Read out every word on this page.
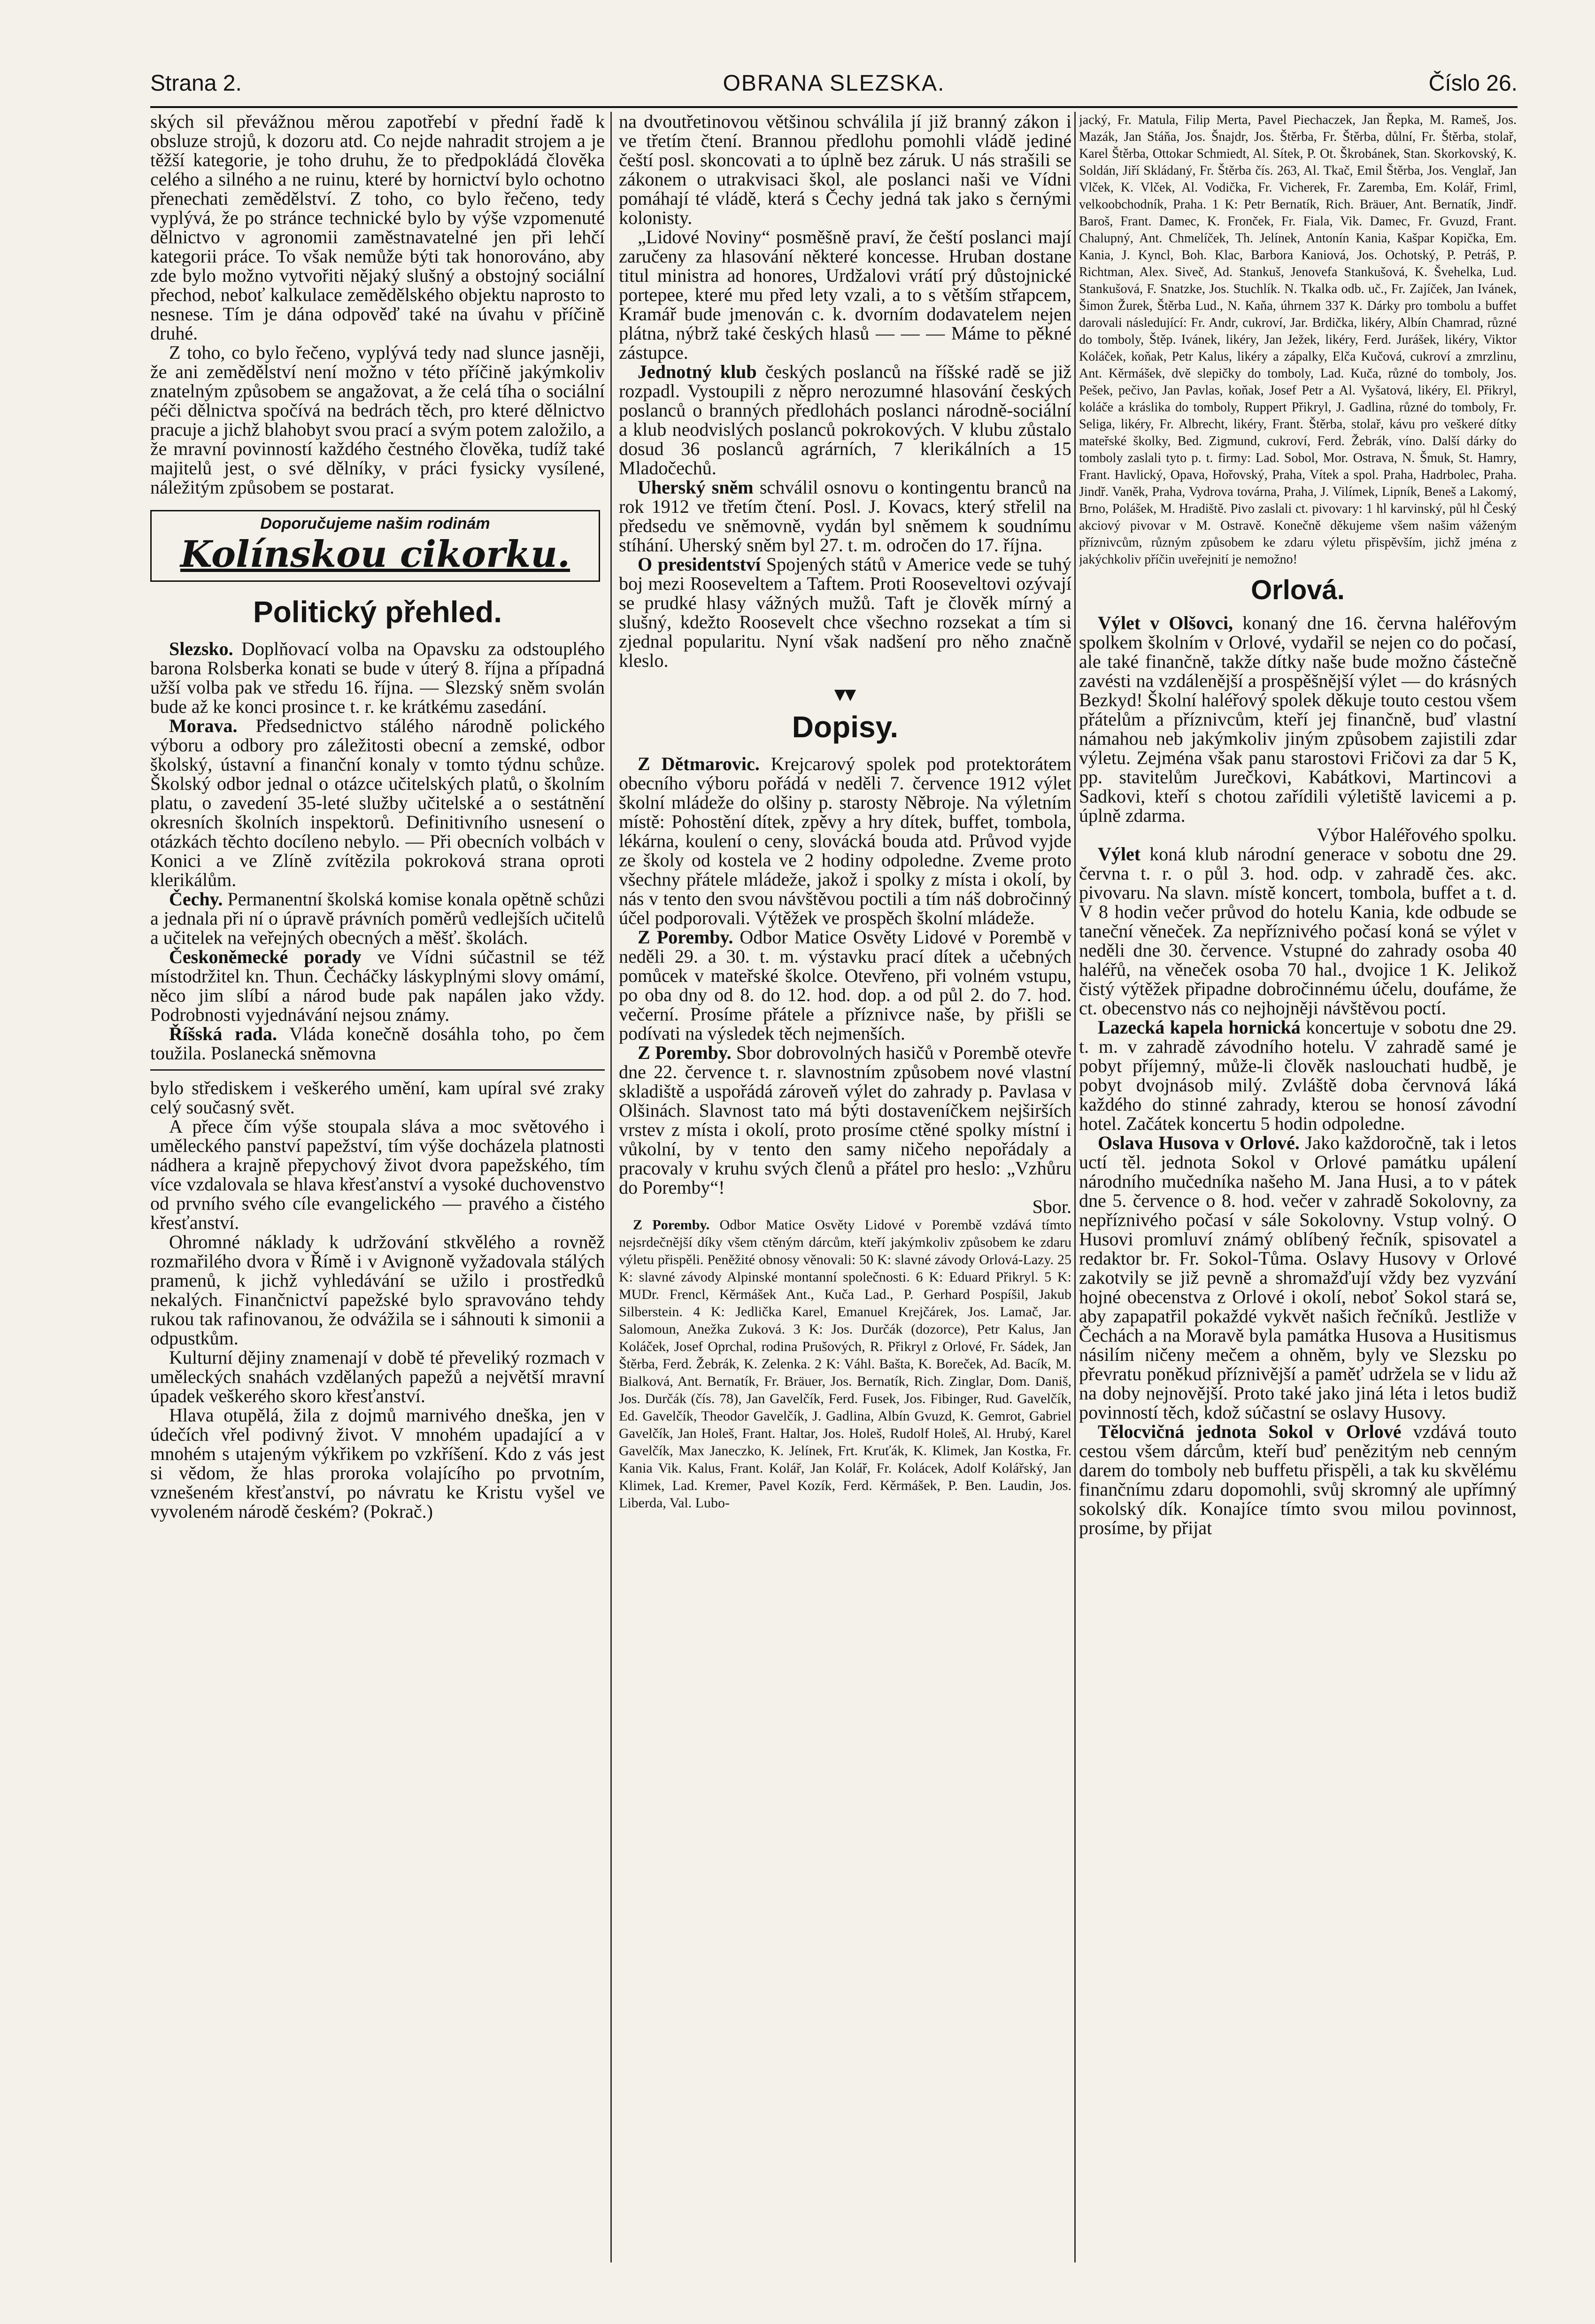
Strana 2.	OBRANA SLEZSKA.	Číslo 26.

ských sil převážnou měrou zapotřebí v přední řadě k obsluze strojů, k dozoru atd. Co nejde nahradit strojem a je těžší kategorie, je toho druhu, že to předpokládá člověka celého a silného a ne ruinu, které by hornictví bylo ochotno přenechati zemědělství. Z toho, co bylo řečeno, tedy vyplývá, že po stránce technické bylo by výše vzpomenuté dělnictvo v agronomii zaměstnavatelné jen při lehčí kategorii práce. To však nemůže býti tak honorováno, aby zde bylo možno vytvořiti nějaký slušný a obstojný sociální přechod, neboť kalkulace zemědělského objektu naprosto to nesnese. Tím je dána odpověď také na úvahu v příčině druhé.

 Z toho, co bylo řečeno, vyplývá tedy nad slunce jasněji, že ani zemědělství není možno v této příčině jakýmkoliv znatelným způsobem se angažovat, a že celá tíha o sociální péči dělnictva spočívá na bedrách těch, pro které dělnictvo pracuje a jichž blahobyt svou prací a svým potem založilo, a že mravní povinností každého čestného člověka, tudíž také majitelů jest, o své dělníky, v práci fysicky vysílené, náležitým způsobem se postarat.

Doporučujeme našim rodinám
Kolínskou cikorku.
Politický přehled.

 Slezsko. Doplňovací volba na Opavsku za odstouplého barona Rolsberka konati se bude v úterý 8. října a případná užší volba pak ve středu 16. října. — Slezský sněm svolán bude až ke konci prosince t. r. ke krátkému zasedání.

 Morava. Předsednictvo stálého národně polického výboru a odbory pro záležitosti obecní a zemské, odbor školský, ústavní a finanční konaly v tomto týdnu schůze. Školský odbor jednal o otázce učitelských platů, o školním platu, o zavedení 35-leté služby učitelské a o sestátnění okresních školních inspektorů. Definitivního usnesení o otázkách těchto docíleno nebylo. — Při obecních volbách v Konici a ve Zlíně zvítězila pokroková strana oproti klerikálům.

 Čechy. Permanentní školská komise konala opětně schůzi a jednala při ní o úpravě právních poměrů vedlejších učitelů a učitelek na veřejných obecných a měšť. školách.

 Českoněmecké porady ve Vídni súčastnil se též místodržitel kn. Thun. Čecháčky láskyplnými slovy omámí, něco jim slíbí a národ bude pak napálen jako vždy. Podrobnosti vyjednávání nejsou známy.

 Říšská rada. Vláda konečně dosáhla toho, po čem toužila. Poslanecká sněmovna

bylo střediskem i veškerého umění, kam upíral své zraky celý současný svět.

 A přece čím výše stoupala sláva a moc světového i uměleckého panství papežství, tím výše docházela platnosti nádhera a krajně přepychový život dvora papežského, tím více vzdalovala se hlava křesťanství a vysoké duchovenstvo od prvního svého cíle evangelického — pravého a čistého křesťanství.

 Ohromné náklady k udržování stkvělého a rovněž rozmařilého dvora v Římě i v Avignoně vyžadovala stálých pramenů, k jichž vyhledávání se užilo i prostředků nekalých. Finančnictví papežské bylo spravováno tehdy rukou tak rafinovanou, že odvážila se i sáhnouti k simonii a odpustkům.

 Kulturní dějiny znamenají v době té převeliký rozmach v uměleckých snahách vzdělaných papežů a největší mravní úpadek veškerého skoro křesťanství.

 Hlava otupělá, žila z dojmů marnivého dneška, jen v údečích vřel podivný život. V mnohém upadající a v mnohém s utajeným výkřikem po vzkříšení. Kdo z vás jest si vědom, že hlas proroka volajícího po prvotním, vznešeném křesťanství, po návratu ke Kristu vyšel ve vyvoleném národě českém? (Pokrač.)

na dvoutřetinovou většinou schválila jí již branný zákon i ve třetím čtení. Brannou předlohu pomohli vládě jediné čeští posl. skoncovati a to úplně bez záruk. U nás strašili se zákonem o utrakvisaci škol, ale poslanci naši ve Vídni pomáhají té vládě, která s Čechy jedná tak jako s černými kolonisty.

 „Lidové Noviny“ posměšně praví, že čeští poslanci mají zaručeny za hlasování některé koncesse. Hruban dostane titul ministra ad honores, Urdžalovi vrátí prý důstojnické portepee, které mu před lety vzali, a to s větším střapcem, Kramář bude jmenován c. k. dvorním dodavatelem nejen plátna, nýbrž také českých hlasů — — — Máme to pěkné zástupce.

 Jednotný klub českých poslanců na říšské radě se již rozpadl. Vystoupili z něpro nerozumné hlasování českých poslanců o branných předlohách poslanci národně-sociální a klub neodvislých poslanců pokrokových. V klubu zůstalo dosud 36 poslanců agrárních, 7 klerikálních a 15 Mladočechů.

 Uherský sněm schválil osnovu o kontingentu branců na rok 1912 ve třetím čtení. Posl. J. Kovacs, který střelil na předsedu ve sněmovně, vydán byl sněmem k soudnímu stíhání. Uherský sněm byl 27. t. m. odročen do 17. října.

 O presidentství Spojených států v Americe vede se tuhý boj mezi Rooseveltem a Taftem. Proti Rooseveltovi ozývají se prudké hlasy vážných mužů. Taft je člověk mírný a slušný, kdežto Roosevelt chce všechno rozsekat a tím si zjednal popularitu. Nyní však nadšení pro něho značně kleslo.

▾▾
Dopisy.

 Z Dětmarovic. Krejcarový spolek pod protektorátem obecního výboru pořádá v neděli 7. července 1912 výlet školní mládeže do olšiny p. starosty Něbroje. Na výletním místě: Pohostění dítek, zpěvy a hry dítek, buffet, tombola, lékárna, koulení o ceny, slovácká bouda atd. Průvod vyjde ze školy od kostela ve 2 hodiny odpoledne. Zveme proto všechny přátele mládeže, jakož i spolky z místa i okolí, by nás v tento den svou návštěvou poctili a tím náš dobročinný účel podporovali. Výtěžek ve prospěch školní mládeže.

 Z Poremby. Odbor Matice Osvěty Lidové v Porembě v neděli 29. a 30. t. m. výstavku prací dítek a učebných pomůcek v mateřské školce. Otevřeno, při volném vstupu, po oba dny od 8. do 12. hod. dop. a od půl 2. do 7. hod. večerní. Prosíme přátele a příznivce naše, by přišli se podívati na výsledek těch nejmenších.

 Z Poremby. Sbor dobrovolných hasičů v Porembě otevře dne 22. července t. r. slavnostním způsobem nové vlastní skladiště a uspořádá zároveň výlet do zahrady p. Pavlasa v Olšinách. Slavnost tato má býti dostaveníčkem nejširších vrstev z místa i okolí, proto prosíme ctěné spolky místní i vůkolní, by v tento den samy ničeho nepořádaly a pracovaly v kruhu svých členů a přátel pro heslo: „Vzhůru do Poremby“!

Sbor.

 Z Poremby. Odbor Matice Osvěty Lidové v Porembě vzdává tímto nejsrdečnější díky všem ctěným dárcům, kteří jakýmkoliv způsobem ke zdaru výletu přispěli. Peněžité obnosy věnovali: 50 K: slavné závody Orlová-Lazy. 25 K: slavné závody Alpinské montanní společnosti. 6 K: Eduard Přikryl. 5 K: MUDr. Frencl, Kěrmášek Ant., Kuča Lad., P. Gerhard Pospíšil, Jakub Silberstein. 4 K: Jedlička Karel, Emanuel Krejčárek, Jos. Lamač, Jar. Salomoun, Anežka Zuková. 3 K: Jos. Durčák (dozorce), Petr Kalus, Jan Koláček, Josef Oprchal, rodina Prušových, R. Přikryl z Orlové, Fr. Sádek, Jan Štěrba, Ferd. Žebrák, K. Zelenka. 2 K: Váhl. Bašta, K. Boreček, Ad. Bacík, M. Bialková, Ant. Bernatík, Fr. Bräuer, Jos. Bernatík, Rich. Zinglar, Dom. Daniš, Jos. Durčák (čís. 78), Jan Gavelčík, Ferd. Fusek, Jos. Fibinger, Rud. Gavelčík, Ed. Gavelčík, Theodor Gavelčík, J. Gadlina, Albín Gvuzd, K. Gemrot, Gabriel Gavelčík, Jan Holeš, Frant. Haltar, Jos. Holeš, Rudolf Holeš, Al. Hrubý, Karel Gavelčík, Max Janeczko, K. Jelínek, Frt. Kruťák, K. Klimek, Jan Kostka, Fr. Kania Vik. Kalus, Frant. Kolář, Jan Kolář, Fr. Kolácek, Adolf Kolářský, Jan Klimek, Lad. Kremer, Pavel Kozík, Ferd. Kěrmášek, P. Ben. Laudin, Jos. Liberda, Val. Lubo-

jacký, Fr. Matula, Filip Merta, Pavel Piechaczek, Jan Řepka, M. Rameš, Jos. Mazák, Jan Stáňa, Jos. Šnajdr, Jos. Štěrba, Fr. Štěrba, důlní, Fr. Štěrba, stolař, Karel Štěrba, Ottokar Schmiedt, Al. Sítek, P. Ot. Škrobánek, Stan. Skorkovský, K. Soldán, Jiří Skládaný, Fr. Štěrba čís. 263, Al. Tkač, Emil Štěrba, Jos. Venglař, Jan Vlček, K. Vlček, Al. Vodička, Fr. Vicherek, Fr. Zaremba, Em. Kolář, Friml, velkoobchodník, Praha. 1 K: Petr Bernatík, Rich. Bräuer, Ant. Bernatík, Jindř. Baroš, Frant. Damec, K. Fronček, Fr. Fiala, Vik. Damec, Fr. Gvuzd, Frant. Chalupný, Ant. Chmelíček, Th. Jelínek, Antonín Kania, Kašpar Kopička, Em. Kania, J. Kyncl, Boh. Klac, Barbora Kaniová, Jos. Ochotský, P. Petráš, P. Richtman, Alex. Siveč, Ad. Stankuš, Jenovefa Stankušová, K. Švehelka, Lud. Stankušová, F. Snatzke, Jos. Stuchlík. N. Tkalka odb. uč., Fr. Zajíček, Jan Ivánek, Šimon Žurek, Štěrba Lud., N. Kaňa, úhrnem 337 K. Dárky pro tombolu a buffet darovali následující: Fr. Andr, cukroví, Jar. Brdička, likéry, Albín Chamrad, různé do tomboly, Štěp. Ivánek, likéry, Jan Ježek, likéry, Ferd. Jurášek, likéry, Viktor Koláček, koňak, Petr Kalus, likéry a zápalky, Elča Kučová, cukroví a zmrzlinu, Ant. Kěrmášek, dvě slepičky do tomboly, Lad. Kuča, různé do tomboly, Jos. Pešek, pečivo, Jan Pavlas, koňak, Josef Petr a Al. Vyšatová, likéry, El. Přikryl, koláče a kráslika do tomboly, Ruppert Přikryl, J. Gadlina, různé do tomboly, Fr. Seliga, likéry, Fr. Albrecht, likéry, Frant. Štěrba, stolař, kávu pro veškeré dítky mateřské školky, Bed. Zigmund, cukroví, Ferd. Žebrák, víno. Další dárky do tomboly zaslali tyto p. t. firmy: Lad. Sobol, Mor. Ostrava, N. Šmuk, St. Hamry, Frant. Havlický, Opava, Hořovský, Praha, Vítek a spol. Praha, Hadrbolec, Praha. Jindř. Vaněk, Praha, Vydrova továrna, Praha, J. Vilímek, Lipník, Beneš a Lakomý, Brno, Polášek, M. Hradiště. Pivo zaslali ct. pivovary: 1 hl karvinský, půl hl Český akciový pivovar v M. Ostravě. Konečně děkujeme všem našim váženým příznivcům, různým způsobem ke zdaru výletu přispěvším, jichž jména z jakýchkoliv příčin uveřejnití je nemožno!

Orlová.

 Výlet v Olšovci, konaný dne 16. června haléřovým spolkem školním v Orlové, vydařil se nejen co do počasí, ale také finančně, takže dítky naše bude možno částečně zavésti na vzdálenější a prospěšnější výlet — do krásných Bezkyd! Školní haléřový spolek děkuje touto cestou všem přátelům a příznivcům, kteří jej finančně, buď vlastní námahou neb jakýmkoliv jiným způsobem zajistili zdar výletu. Zejména však panu starostovi Fričovi za dar 5 K, pp. stavitelům Jurečkovi, Kabátkovi, Martincovi a Sadkovi, kteří s chotou zařídili výletiště lavicemi a p. úplně zdarma.

Výbor Haléřového spolku.

 Výlet koná klub národní generace v sobotu dne 29. června t. r. o půl 3. hod. odp. v zahradě čes. akc. pivovaru. Na slavn. místě koncert, tombola, buffet a t. d. V 8 hodin večer průvod do hotelu Kania, kde odbude se taneční věneček. Za nepříznivého počasí koná se výlet v neděli dne 30. července. Vstupné do zahrady osoba 40 haléřů, na věneček osoba 70 hal., dvojice 1 K. Jelikož čistý výtěžek připadne dobročinnému účelu, doufáme, že ct. obecenstvo nás co nejhojněji návštěvou poctí.

 Lazecká kapela hornická koncertuje v sobotu dne 29. t. m. v zahradě závodního hotelu. V zahradě samé je pobyt příjemný, může-li člověk naslouchati hudbě, je pobyt dvojnásob milý. Zvláště doba červnová láká každého do stinné zahrady, kterou se honosí závodní hotel. Začátek koncertu 5 hodin odpoledne.

 Oslava Husova v Orlové. Jako každoročně, tak i letos uctí těl. jednota Sokol v Orlové památku upálení národního mučedníka našeho M. Jana Husi, a to v pátek dne 5. července o 8. hod. večer v zahradě Sokolovny, za nepříznivého počasí v sále Sokolovny. Vstup volný. O Husovi promluví známý oblíbený řečník, spisovatel a redaktor br. Fr. Sokol-Tůma. Oslavy Husovy v Orlové zakotvily se již pevně a shromažďují vždy bez vyzvání hojné obecenstva z Orlové i okolí, neboť Sokol stará se, aby zapapatřil pokaždé vykvět našich řečníků. Jestliže v Čechách a na Moravě byla památka Husova a Husitismus násilím ničeny mečem a ohněm, byly ve Slezsku po převratu poněkud příznivější a paměť udržela se v lidu až na doby nejnovější. Proto také jako jiná léta i letos budiž povinností těch, kdož súčastní se oslavy Husovy.

 Tělocvičná jednota Sokol v Orlové vzdává touto cestou všem dárcům, kteří buď penězitým neb cenným darem do tomboly neb buffetu přispěli, a tak ku skvělému finančnímu zdaru dopomohli, svůj skromný ale upřímný sokolský dík. Konajíce tímto svou milou povinnost, prosíme, by přijat
